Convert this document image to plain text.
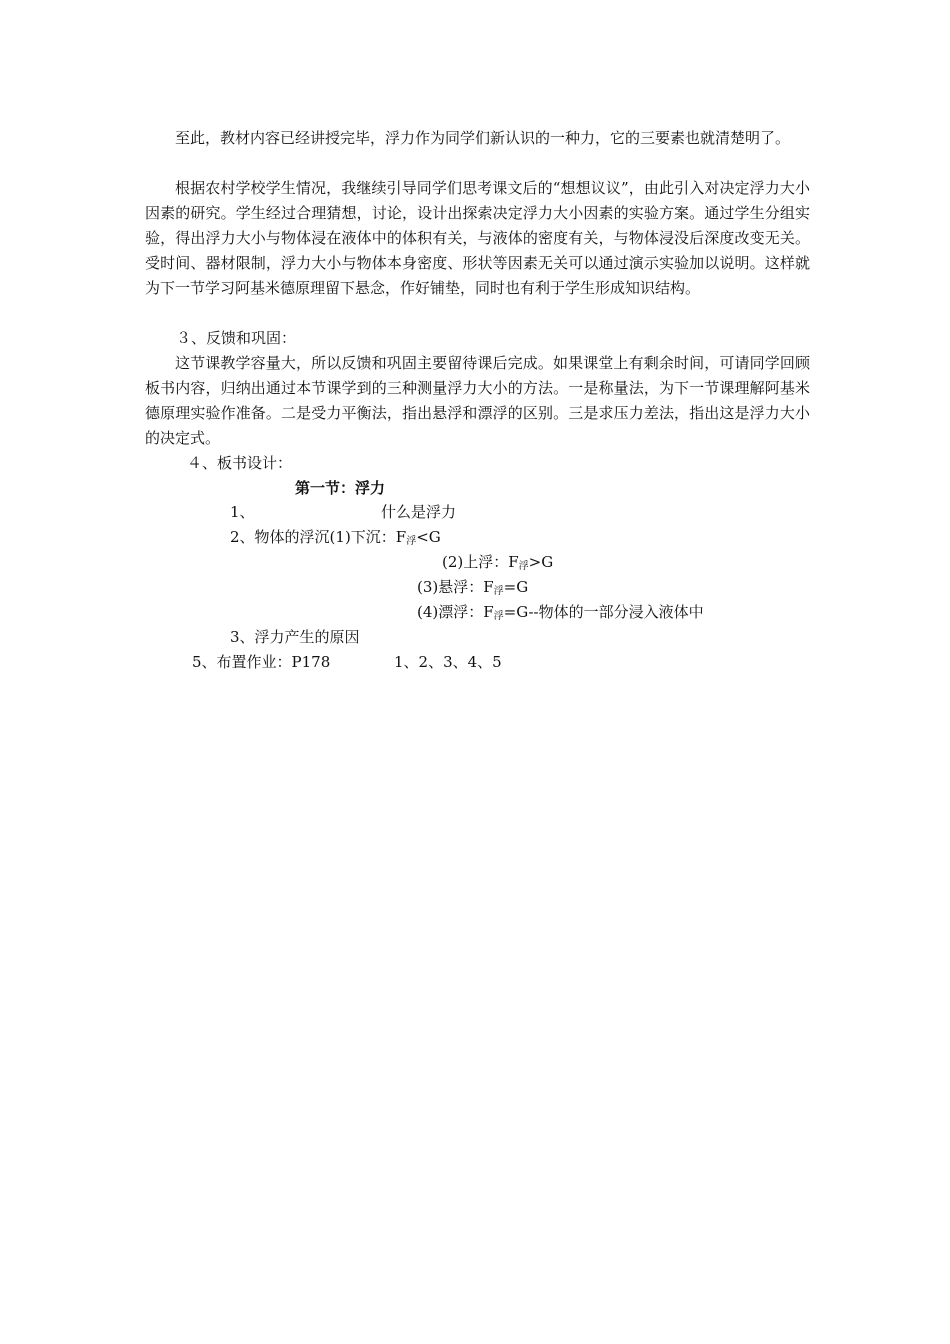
至此，教材内容已经讲授完毕，浮力作为同学们新认识的一种力，它的三要素也就清楚明了。

根据农村学校学生情况，我继续引导同学们思考课文后的“想想议议”，由此引入对决定浮力大小因素的研究。学生经过合理猜想，讨论，设计出探索决定浮力大小因素的实验方案。通过学生分组实验，得出浮力大小与物体浸在液体中的体积有关，与液体的密度有关，与物体浸没后深度改变无关。受时间、器材限制，浮力大小与物体本身密度、形状等因素无关可以通过演示实验加以说明。这样就为下一节学习阿基米德原理留下悬念，作好铺垫，同时也有利于学生形成知识结构。

３、反馈和巩固：

这节课教学容量大，所以反馈和巩固主要留待课后完成。如果课堂上有剩余时间，可请同学回顾板书内容，归纳出通过本节课学到的三种测量浮力大小的方法。一是称量法，为下一节课理解阿基米德原理实验作准备。二是受力平衡法，指出悬浮和漂浮的区别。三是求压力差法，指出这是浮力大小的决定式。

４、板书设计：

第一节：浮力

1、	什么是浮力

2、物体的浮沉(1)下沉：$F_浮<G$

(2)上浮：$F_浮>G$

(3)悬浮：$F_浮=G$

(4)漂浮：$F_浮=G--$物体的一部分浸入液体中

3、浮力产生的原因

5、布置作业：P178	1、2、3、4、5
